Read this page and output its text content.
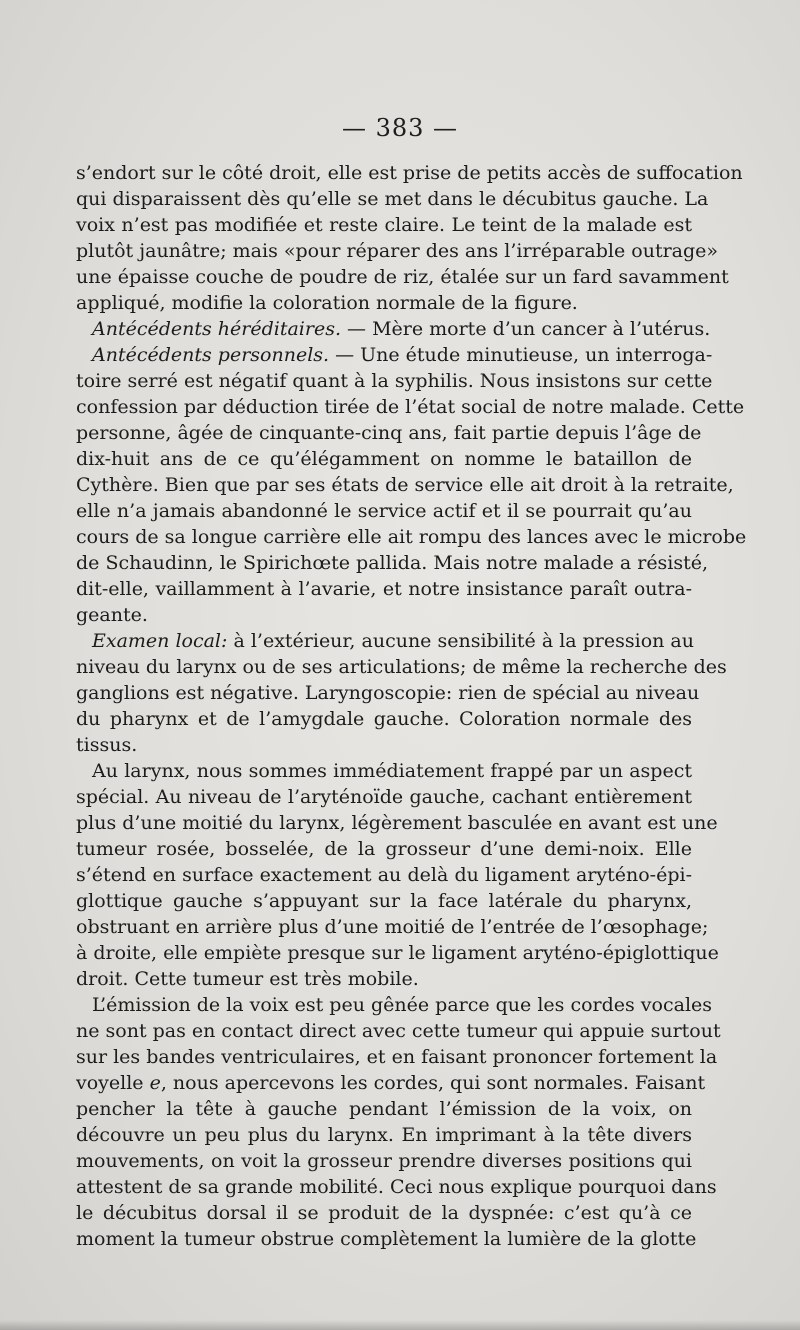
— 383 —
s’endort sur le côté droit, elle est prise de petits accès de suffocation
qui disparaissent dès qu’elle se met dans le décubitus gauche. La
voix n’est pas modifiée et reste claire. Le teint de la malade est
plutôt jaunâtre; mais «pour réparer des ans l’irréparable outrage»
une épaisse couche de poudre de riz, étalée sur un fard savamment
appliqué, modifie la coloration normale de la figure.
Antécédents héréditaires. — Mère morte d’un cancer à l’utérus.
Antécédents personnels. — Une étude minutieuse, un interroga-
toire serré est négatif quant à la syphilis. Nous insistons sur cette
confession par déduction tirée de l’état social de notre malade. Cette
personne, âgée de cinquante-cinq ans, fait partie depuis l’âge de
dix-huit ans de ce qu’élégamment on nomme le bataillon de
Cythère. Bien que par ses états de service elle ait droit à la retraite,
elle n’a jamais abandonné le service actif et il se pourrait qu’au
cours de sa longue carrière elle ait rompu des lances avec le microbe
de Schaudinn, le Spirichœte pallida. Mais notre malade a résisté,
dit-elle, vaillamment à l’avarie, et notre insistance paraît outra-
geante.
Examen local: à l’extérieur, aucune sensibilité à la pression au
niveau du larynx ou de ses articulations; de même la recherche des
ganglions est négative. Laryngoscopie: rien de spécial au niveau
du pharynx et de l’amygdale gauche. Coloration normale des
tissus.
Au larynx, nous sommes immédiatement frappé par un aspect
spécial. Au niveau de l’aryténoïde gauche, cachant entièrement
plus d’une moitié du larynx, légèrement basculée en avant est une
tumeur rosée, bosselée, de la grosseur d’une demi-noix. Elle
s’étend en surface exactement au delà du ligament aryténo-épi-
glottique gauche s’appuyant sur la face latérale du pharynx,
obstruant en arrière plus d’une moitié de l’entrée de l’œsophage;
à droite, elle empiète presque sur le ligament aryténo-épiglottique
droit. Cette tumeur est très mobile.
L’émission de la voix est peu gênée parce que les cordes vocales
ne sont pas en contact direct avec cette tumeur qui appuie surtout
sur les bandes ventriculaires, et en faisant prononcer fortement la
voyelle e, nous apercevons les cordes, qui sont normales. Faisant
pencher la tête à gauche pendant l’émission de la voix, on
découvre un peu plus du larynx. En imprimant à la tête divers
mouvements, on voit la grosseur prendre diverses positions qui
attestent de sa grande mobilité. Ceci nous explique pourquoi dans
le décubitus dorsal il se produit de la dyspnée: c’est qu’à ce
moment la tumeur obstrue complètement la lumière de la glotte
